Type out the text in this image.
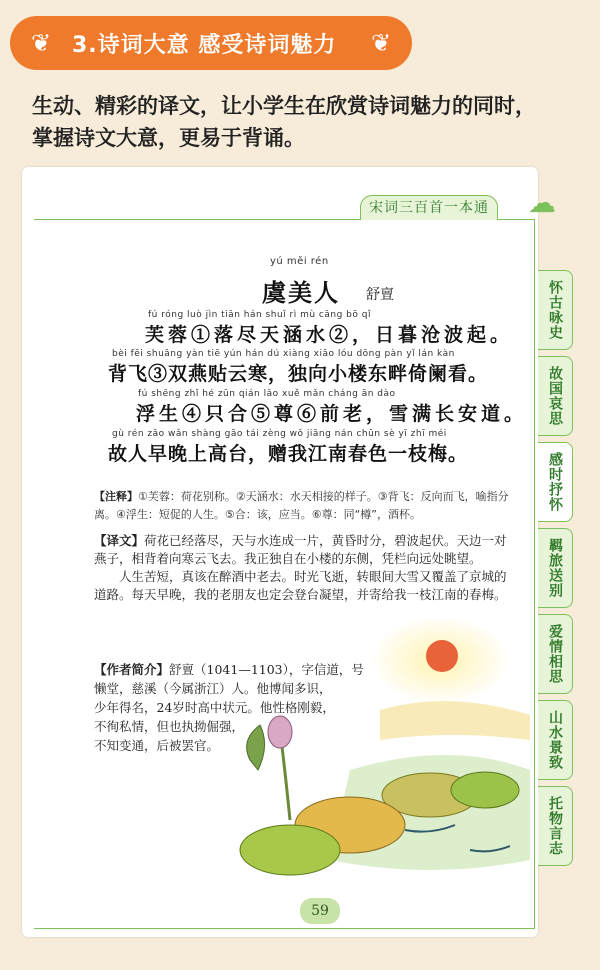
❦ 3.诗词大意 感受诗词魅力 ❦
生动、精彩的译文，让小学生在欣赏诗词魅力的同时，
掌握诗文大意，更易于背诵。
宋词三百首一本通	☁
怀古咏史
故国哀思
感时抒怀
羁旅送别
爱情相思
山水景致
托物言志
yú měi rén
虞美人 舒亶
fú róng luò jìn tiān hán shuǐ rì mù cāng bō qǐ
芙蓉①落尽天涵水②，日暮沧波起。
bèi fēi shuāng yàn tiē yún hán dú xiàng xiǎo lóu dōng pàn yǐ lán kàn
背飞③双燕贴云寒，独向小楼东畔倚阑看。
fú shēng zhǐ hé zūn qián lǎo xuě mǎn cháng ān dào
浮生④只合⑤尊⑥前老，雪满长安道。
gù rén zǎo wǎn shàng gāo tái zèng wǒ jiāng nán chūn sè yī zhī méi
故人早晚上高台，赠我江南春色一枝梅。
【注释】①芙蓉：荷花别称。②天涵水：水天相接的样子。③背飞：反向而飞，喻指分离。④浮生：短促的人生。⑤合：该，应当。⑥尊：同“樽”，酒杯。

【译文】荷花已经落尽，天与水连成一片，黄昏时分，碧波起伏。天边一对燕子，相背着向寒云飞去。我正独自在小楼的东侧，凭栏向远处眺望。

人生苦短，真该在醉酒中老去。时光飞逝，转眼间大雪又覆盖了京城的道路。每天早晚，我的老朋友也定会登台凝望，并寄给我一枝江南的春梅。

【作者简介】舒亶（1041—1103），字信道，号
懒堂，慈溪（今属浙江）人。他博闻多识，
少年得名，24岁时高中状元。他性格刚毅，
不徇私情，但也执拗倔强，
不知变通，后被罢官。
59
